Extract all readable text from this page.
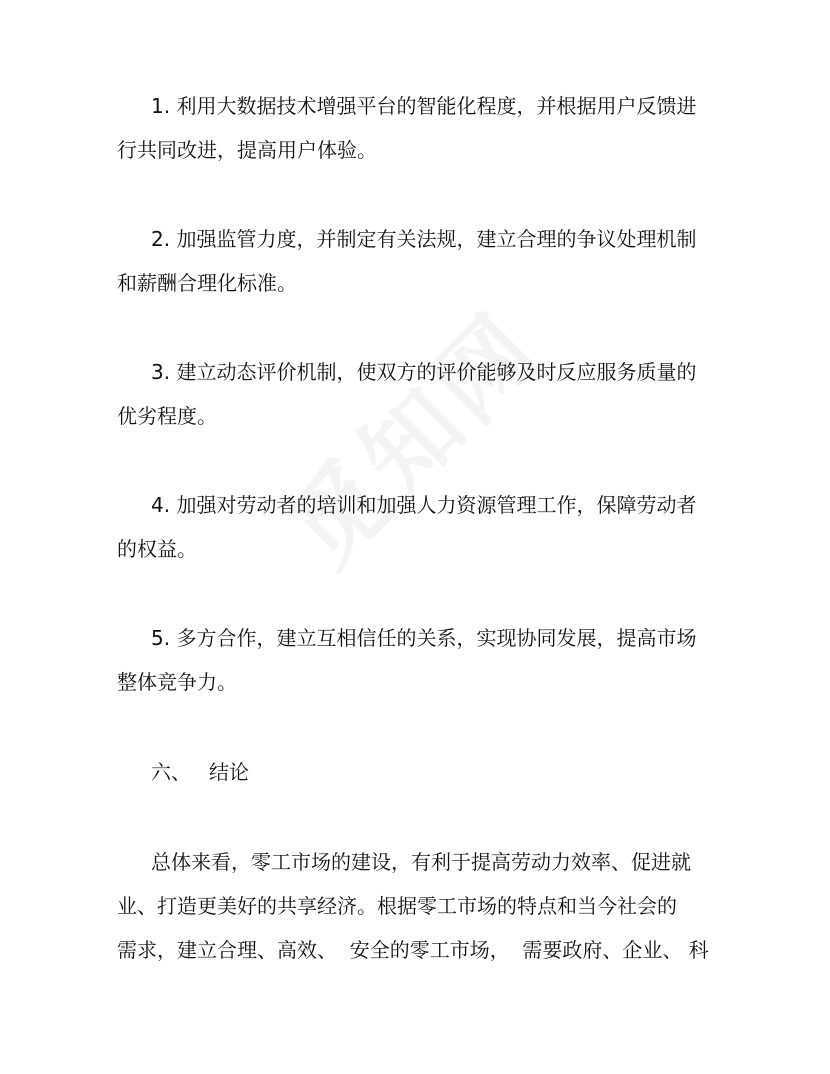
1. 利用大数据技术增强平台的智能化程度，并根据用户反馈进
行共同改进，提高用户体验。
2. 加强监管力度，并制定有关法规，建立合理的争议处理机制
和薪酬合理化标准。
3. 建立动态评价机制，使双方的评价能够及时反应服务质量的
优劣程度。
4. 加强对劳动者的培训和加强人力资源管理工作，保障劳动者
的权益。
5. 多方合作，建立互相信任的关系，实现协同发展，提高市场
整体竞争力。
六、 结论
总体来看，零工市场的建设，有利于提高劳动力效率、促进就
业、打造更美好的共享经济。根据零工市场的特点和当今社会的
需求，建立合理、高效、  安全的零工市场，  需要政府、企业、 科
